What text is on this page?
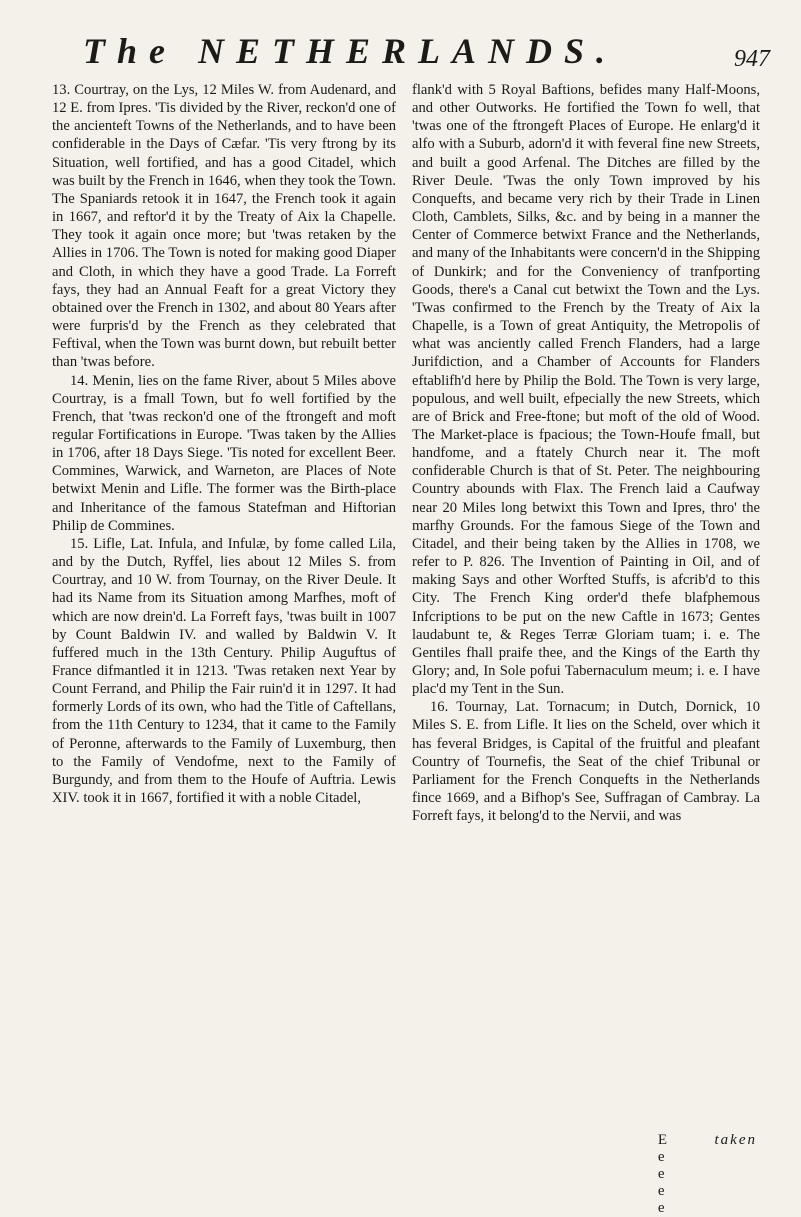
The NETHERLANDS.	947

13. Courtray, on the Lys, 12 Miles W. from Audenard, and 12 E. from Ipres. 'Tis divided by the River, reckon'd one of the ancienteft Towns of the Netherlands, and to have been confiderable in the Days of Cæfar. 'Tis very ftrong by its Situation, well fortified, and has a good Citadel, which was built by the French in 1646, when they took the Town. The Spaniards retook it in 1647, the French took it again in 1667, and reftor'd it by the Treaty of Aix la Chapelle. They took it again once more; but 'twas retaken by the Allies in 1706. The Town is noted for making good Diaper and Cloth, in which they have a good Trade. La Forreft fays, they had an Annual Feaft for a great Victory they obtained over the French in 1302, and about 80 Years after were furpris'd by the French as they celebrated that Feftival, when the Town was burnt down, but rebuilt better than 'twas before.

14. Menin, lies on the fame River, about 5 Miles above Courtray, is a fmall Town, but fo well fortified by the French, that 'twas reckon'd one of the ftrongeft and moft regular Fortifications in Europe. 'Twas taken by the Allies in 1706, after 18 Days Siege. 'Tis noted for excellent Beer. Commines, Warwick, and Warneton, are Places of Note betwixt Menin and Lifle. The former was the Birth-place and Inheritance of the famous Statefman and Hiftorian Philip de Commines.

15. Lifle, Lat. Infula, and Infulæ, by fome called Lila, and by the Dutch, Ryffel, lies about 12 Miles S. from Courtray, and 10 W. from Tournay, on the River Deule. It had its Name from its Situation among Marfhes, moft of which are now drein'd. La Forreft fays, 'twas built in 1007 by Count Baldwin IV. and walled by Baldwin V. It fuffered much in the 13th Century. Philip Auguftus of France difmantled it in 1213. 'Twas retaken next Year by Count Ferrand, and Philip the Fair ruin'd it in 1297. It had formerly Lords of its own, who had the Title of Caftellans, from the 11th Century to 1234, that it came to the Family of Peronne, afterwards to the Family of Luxemburg, then to the Family of Vendofme, next to the Family of Burgundy, and from them to the Houfe of Auftria. Lewis XIV. took it in 1667, fortified it with a noble Citadel,

flank'd with 5 Royal Baftions, befides many Half-Moons, and other Outworks. He fortified the Town fo well, that 'twas one of the ftrongeft Places of Europe. He enlarg'd it alfo with a Suburb, adorn'd it with feveral fine new Streets, and built a good Arfenal. The Ditches are filled by the River Deule. 'Twas the only Town improved by his Conquefts, and became very rich by their Trade in Linen Cloth, Camblets, Silks, &c. and by being in a manner the Center of Commerce betwixt France and the Netherlands, and many of the Inhabitants were concern'd in the Shipping of Dunkirk; and for the Conveniency of tranfporting Goods, there's a Canal cut betwixt the Town and the Lys. 'Twas confirmed to the French by the Treaty of Aix la Chapelle, is a Town of great Antiquity, the Metropolis of what was anciently called French Flanders, had a large Jurifdiction, and a Chamber of Accounts for Flanders eftablifh'd here by Philip the Bold. The Town is very large, populous, and well built, efpecially the new Streets, which are of Brick and Free-ftone; but moft of the old of Wood. The Market-place is fpacious; the Town-Houfe fmall, but handfome, and a ftately Church near it. The moft confiderable Church is that of St. Peter. The neighbouring Country abounds with Flax. The French laid a Caufway near 20 Miles long betwixt this Town and Ipres, thro' the marfhy Grounds. For the famous Siege of the Town and Citadel, and their being taken by the Allies in 1708, we refer to P. 826. The Invention of Painting in Oil, and of making Says and other Worfted Stuffs, is afcrib'd to this City. The French King order'd thefe blafphemous Infcriptions to be put on the new Caftle in 1673; Gentes laudabunt te, & Reges Terræ Gloriam tuam; i. e. The Gentiles fhall praife thee, and the Kings of the Earth thy Glory; and, In Sole pofui Tabernaculum meum; i. e. I have plac'd my Tent in the Sun.

16. Tournay, Lat. Tornacum; in Dutch, Dornick, 10 Miles S. E. from Lifle. It lies on the Scheld, over which it has feveral Bridges, is Capital of the fruitful and pleafant Country of Tournefis, the Seat of the chief Tribunal or Parliament for the French Conquefts in the Netherlands fince 1669, and a Bifhop's See, Suffragan of Cambray. La Forreft fays, it belong'd to the Nervii, and was

E e e e e
taken
